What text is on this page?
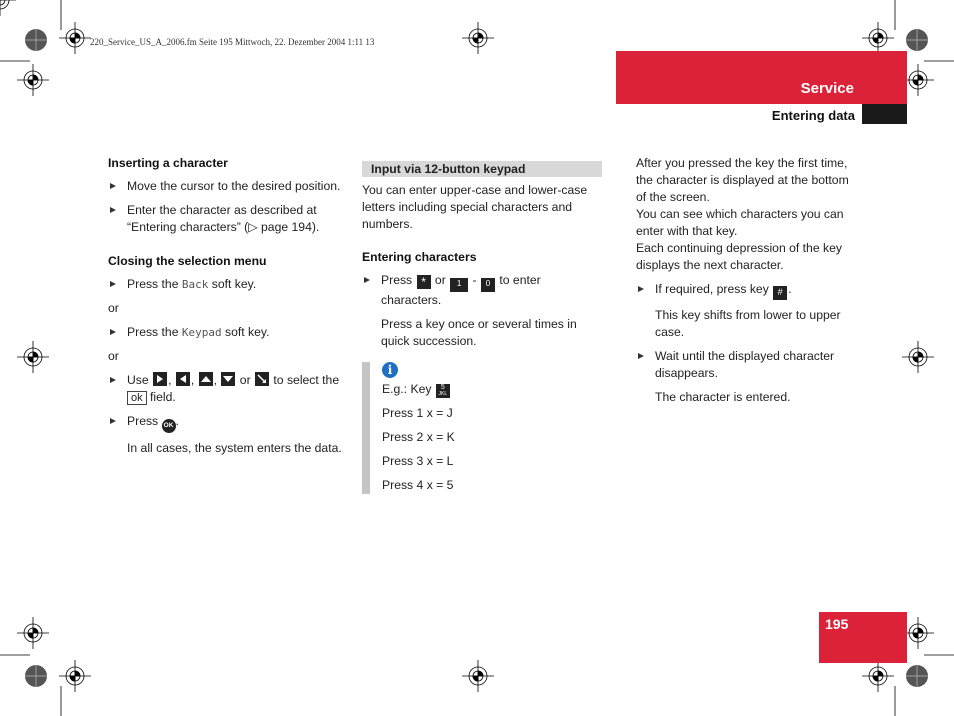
220_Service_US_A_2006.fm Seite 195 Mittwoch, 22. Dezember 2004 1:11 13
Service
Entering data
195
Inserting a character
Move the cursor to the desired position.
Enter the character as described at “Entering characters” (▷ page 194).
Closing the selection menu
Press the Back soft key.

or

Press the Keypad soft key.

or

Use
, , ,
or
to select the ok field.
Press OK .
In all cases, the system enters the data.
Input via 12-button keypad

You can enter upper-case and lower-case letters including special characters and numbers.

Entering characters
Press * or 1 - 0 to enter characters.
Press a key once or several times in quick succession.

i

E.g.: Key 5
JKL

Press 1 x = J

Press 2 x = K

Press 3 x = L

Press 4 x = 5

After you pressed the key the first time, the character is displayed at the bottom of the screen.

You can see which characters you can enter with that key.

Each continuing depression of the key displays the next character.

If required, press key # .
This key shifts from lower to upper case.
Wait until the displayed character disappears.
The character is entered.
